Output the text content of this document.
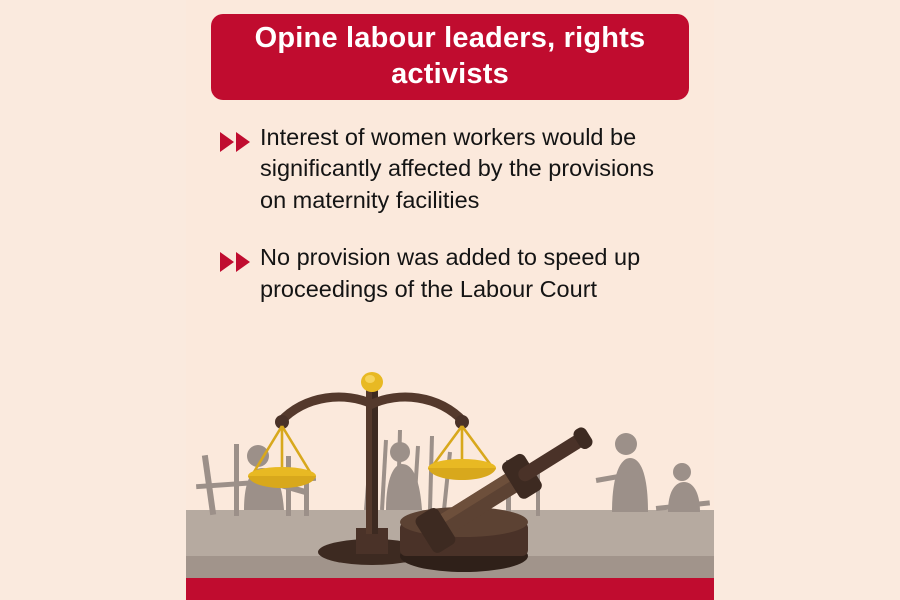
Opine labour leaders, rights activists
Interest of women workers would be significantly affected by the provisions on maternity facilities
No provision was added to speed up proceedings of the Labour Court
